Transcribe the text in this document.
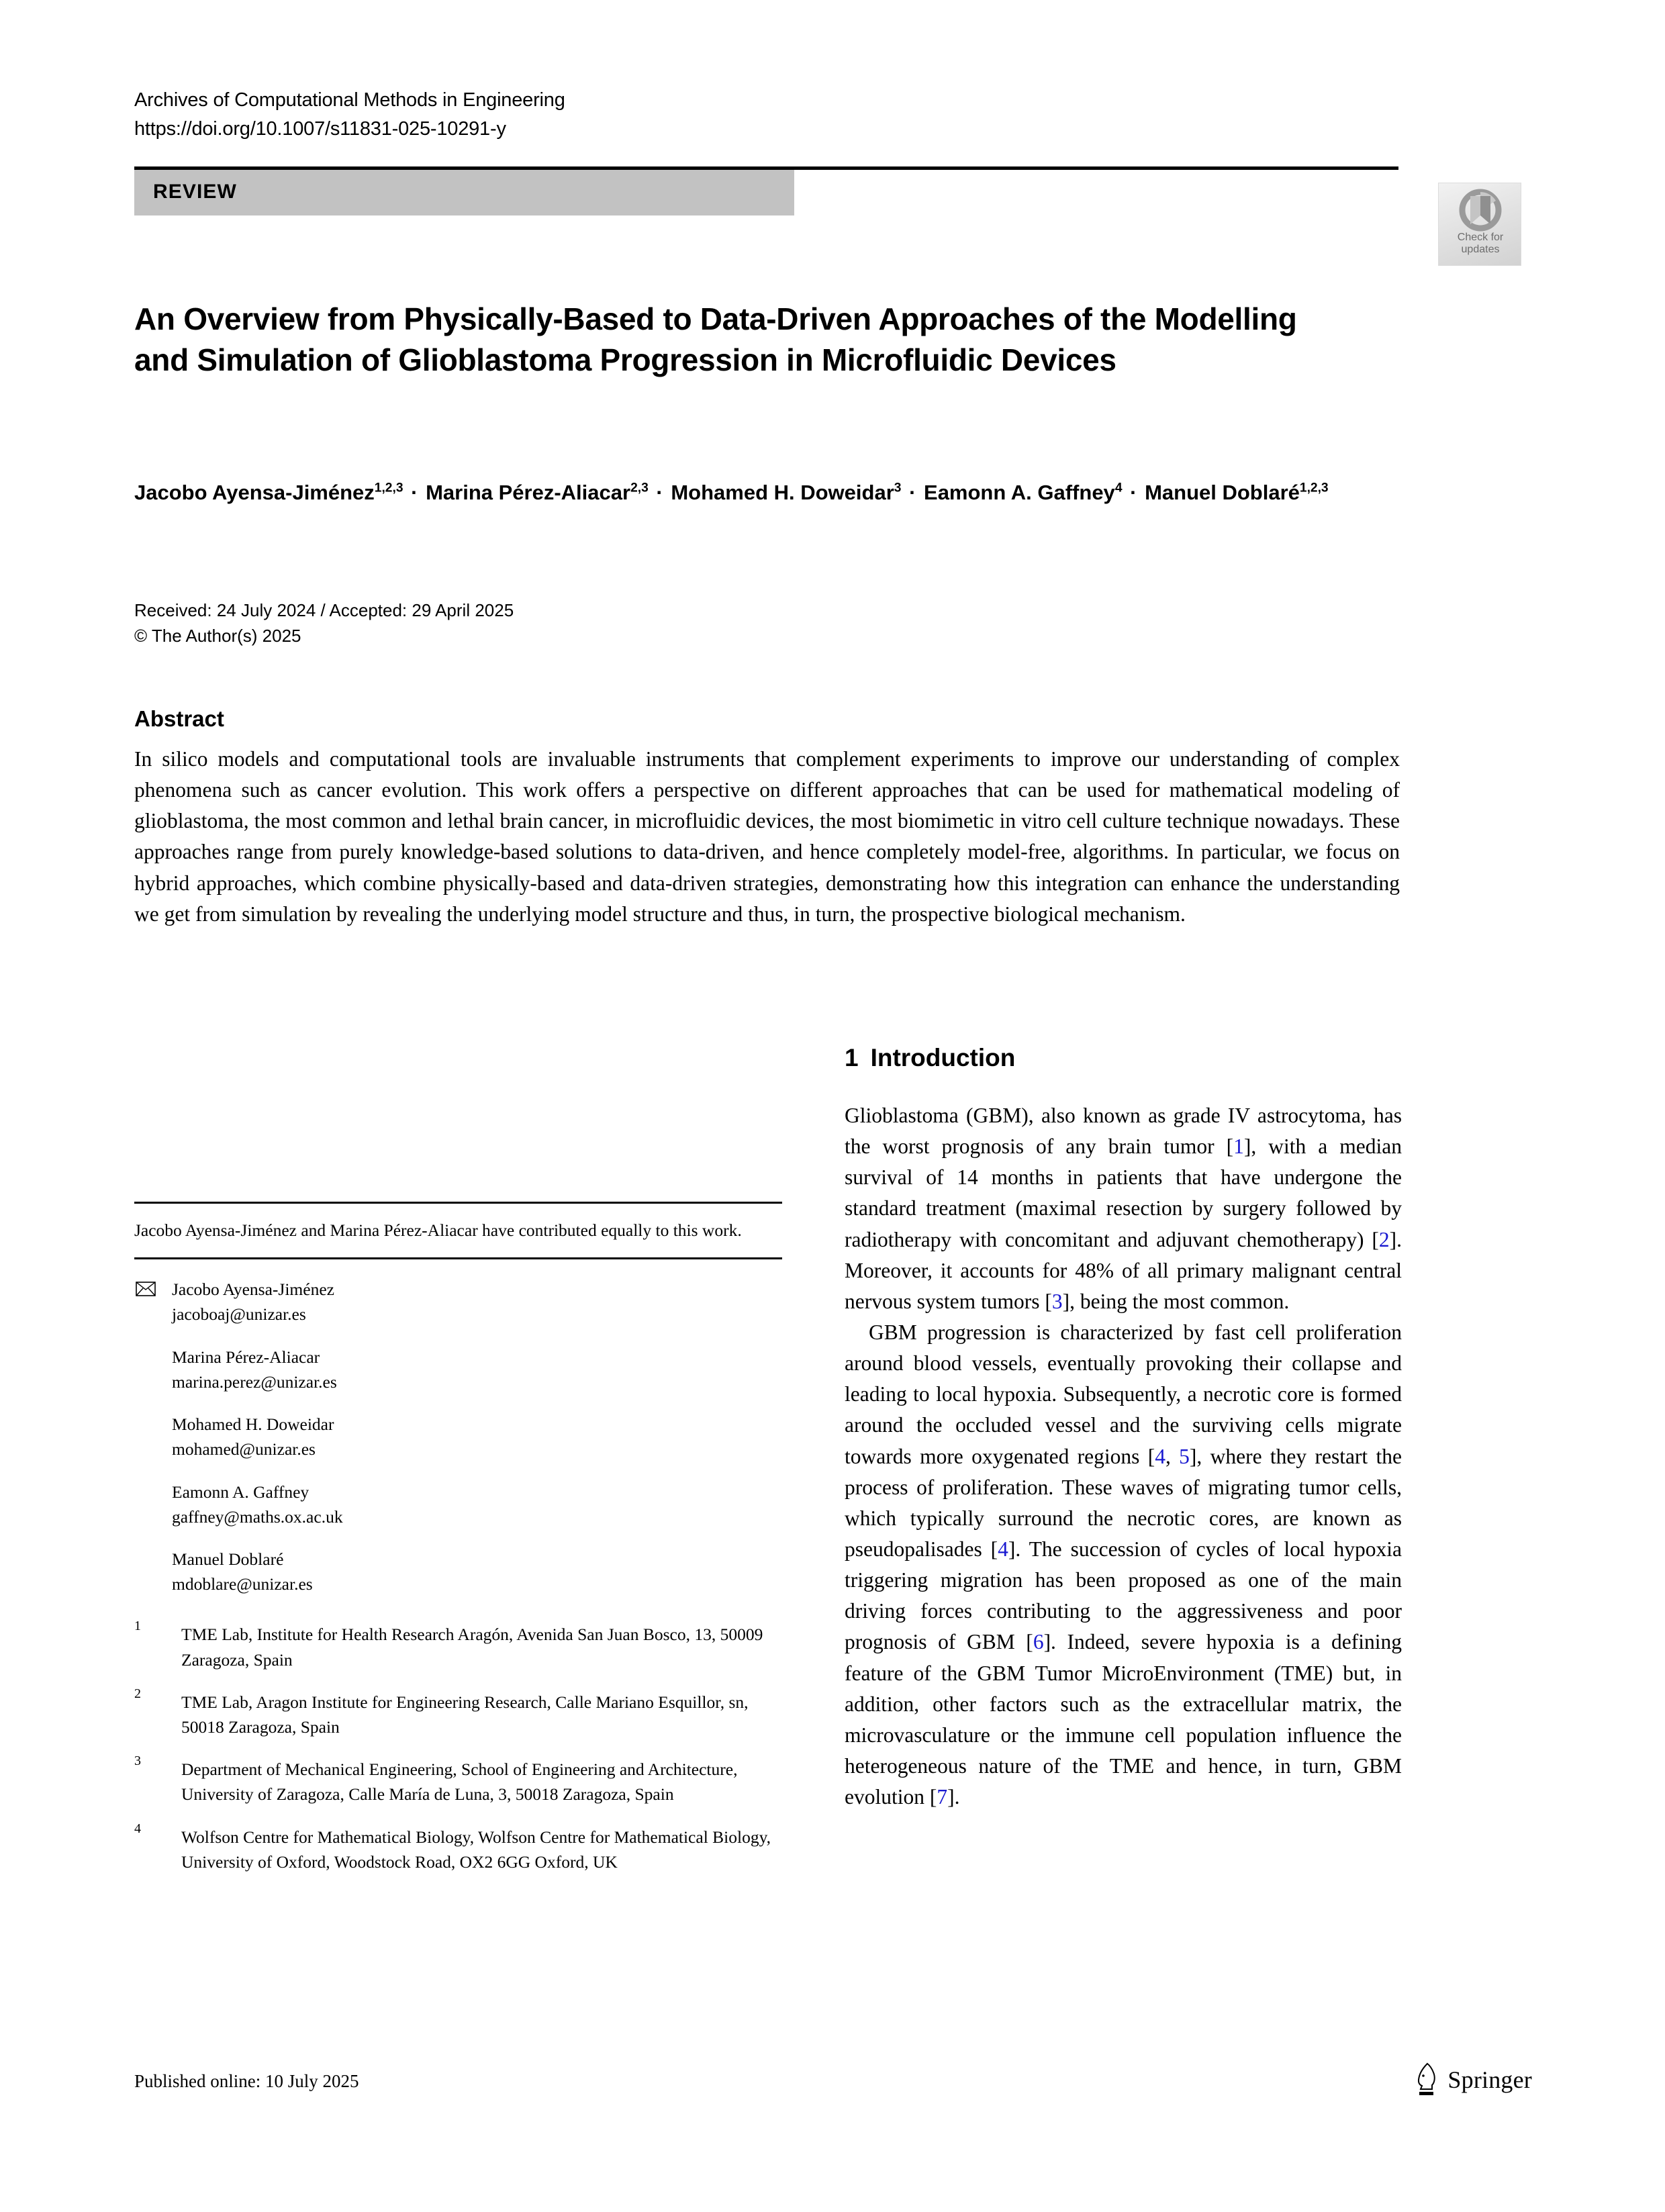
Archives of Computational Methods in Engineering
https://doi.org/10.1007/s11831-025-10291-y
REVIEW
Check for
updates
An Overview from Physically-Based to Data-Driven Approaches of the Modelling and Simulation of Glioblastoma Progression in Microfluidic Devices
Jacobo Ayensa-Jiménez$^{1,2,3}$ · Marina Pérez-Aliacar$^{2,3}$ · Mohamed H. Doweidar$^3$ · Eamonn A. Gaffney$^4$ · Manuel Doblaré$^{1,2,3}$
Received: 24 July 2024 / Accepted: 29 April 2025
© The Author(s) 2025
Abstract
In silico models and computational tools are invaluable instruments that complement experiments to improve our understanding of complex phenomena such as cancer evolution. This work offers a perspective on different approaches that can be used for mathematical modeling of glioblastoma, the most common and lethal brain cancer, in microfluidic devices, the most biomimetic in vitro cell culture technique nowadays. These approaches range from purely knowledge-based solutions to data-driven, and hence completely model-free, algorithms. In particular, we focus on hybrid approaches, which combine physically-based and data-driven strategies, demonstrating how this integration can enhance the understanding we get from simulation by revealing the underlying model structure and thus, in turn, the prospective biological mechanism.

Jacobo Ayensa-Jiménez and Marina Pérez-Aliacar have contributed equally to this work.

Jacobo Ayensa-Jiménez
jacoboaj@unizar.es
Marina Pérez-Aliacar
marina.perez@unizar.es
Mohamed H. Doweidar
mohamed@unizar.es
Eamonn A. Gaffney
gaffney@maths.ox.ac.uk
Manuel Doblaré
mdoblare@unizar.es
1 TME Lab, Institute for Health Research Aragón, Avenida San Juan Bosco, 13, 50009 Zaragoza, Spain
2 TME Lab, Aragon Institute for Engineering Research, Calle Mariano Esquillor, sn, 50018 Zaragoza, Spain
3 Department of Mechanical Engineering, School of Engineering and Architecture, University of Zaragoza, Calle María de Luna, 3, 50018 Zaragoza, Spain
4 Wolfson Centre for Mathematical Biology, Wolfson Centre for Mathematical Biology, University of Oxford, Woodstock Road, OX2 6GG Oxford, UK
1 Introduction

Glioblastoma (GBM), also known as grade IV astrocytoma, has the worst prognosis of any brain tumor [1], with a median survival of 14 months in patients that have undergone the standard treatment (maximal resection by surgery followed by radiotherapy with concomitant and adjuvant chemotherapy) [2]. Moreover, it accounts for 48% of all primary malignant central nervous system tumors [3], being the most common.

GBM progression is characterized by fast cell proliferation around blood vessels, eventually provoking their collapse and leading to local hypoxia. Subsequently, a necrotic core is formed around the occluded vessel and the surviving cells migrate towards more oxygenated regions [4, 5], where they restart the process of proliferation. These waves of migrating tumor cells, which typically surround the necrotic cores, are known as pseudopalisades [4]. The succession of cycles of local hypoxia triggering migration has been proposed as one of the main driving forces contributing to the aggressiveness and poor prognosis of GBM [6]. Indeed, severe hypoxia is a defining feature of the GBM Tumor MicroEnvironment (TME) but, in addition, other factors such as the extracellular matrix, the microvasculature or the immune cell population influence the heterogeneous nature of the TME and hence, in turn, GBM evolution [7].

Published online: 10 July 2025	Springer
